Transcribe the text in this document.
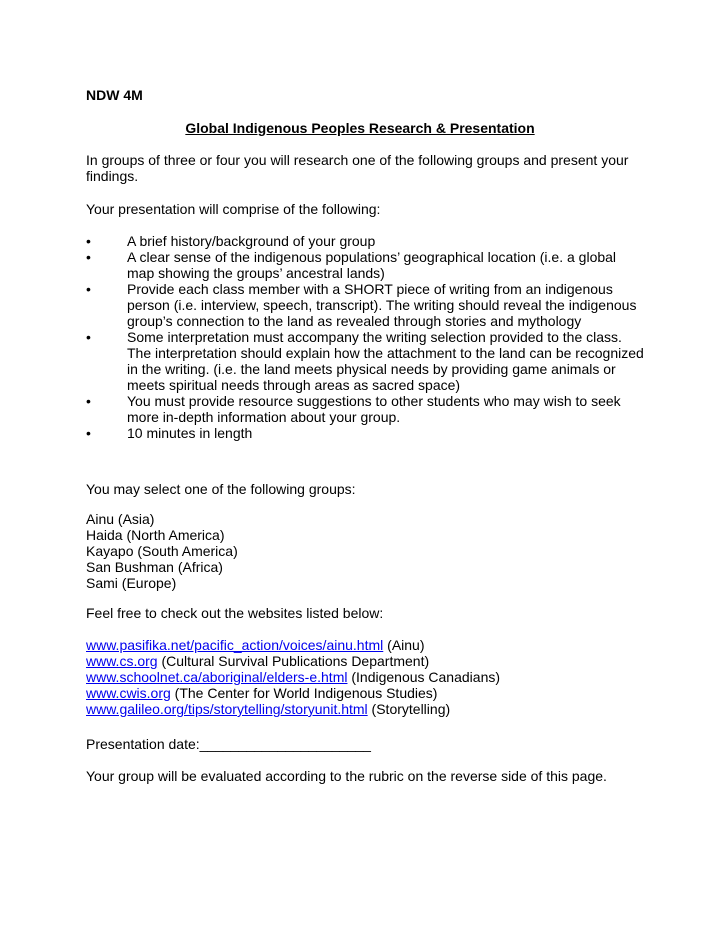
NDW 4M
Global Indigenous Peoples Research & Presentation
In groups of three or four you will research one of the following groups and present your findings.
Your presentation will comprise of the following:
•	A brief history/background of your group
•	A clear sense of the indigenous populations’ geographical location (i.e. a global map showing the groups’ ancestral lands)
•	Provide each class member with a SHORT piece of writing from an indigenous person (i.e. interview, speech, transcript). The writing should reveal the indigenous group’s connection to the land as revealed through stories and mythology
•	Some interpretation must accompany the writing selection provided to the class. The interpretation should explain how the attachment to the land can be recognized in the writing. (i.e. the land meets physical needs by providing game animals or meets spiritual needs through areas as sacred space)
•	You must provide resource suggestions to other students who may wish to seek more in-depth information about your group.
•	10 minutes in length
You may select one of the following groups:
Ainu (Asia)
Haida (North America)
Kayapo (South America)
San Bushman (Africa)
Sami (Europe)
Feel free to check out the websites listed below:
www.pasifika.net/pacific_action/voices/ainu.html (Ainu)
www.cs.org (Cultural Survival Publications Department)
www.schoolnet.ca/aboriginal/elders-e.html (Indigenous Canadians)
www.cwis.org (The Center for World Indigenous Studies)
www.galileo.org/tips/storytelling/storyunit.html (Storytelling)
Presentation date:______________________
Your group will be evaluated according to the rubric on the reverse side of this page.
